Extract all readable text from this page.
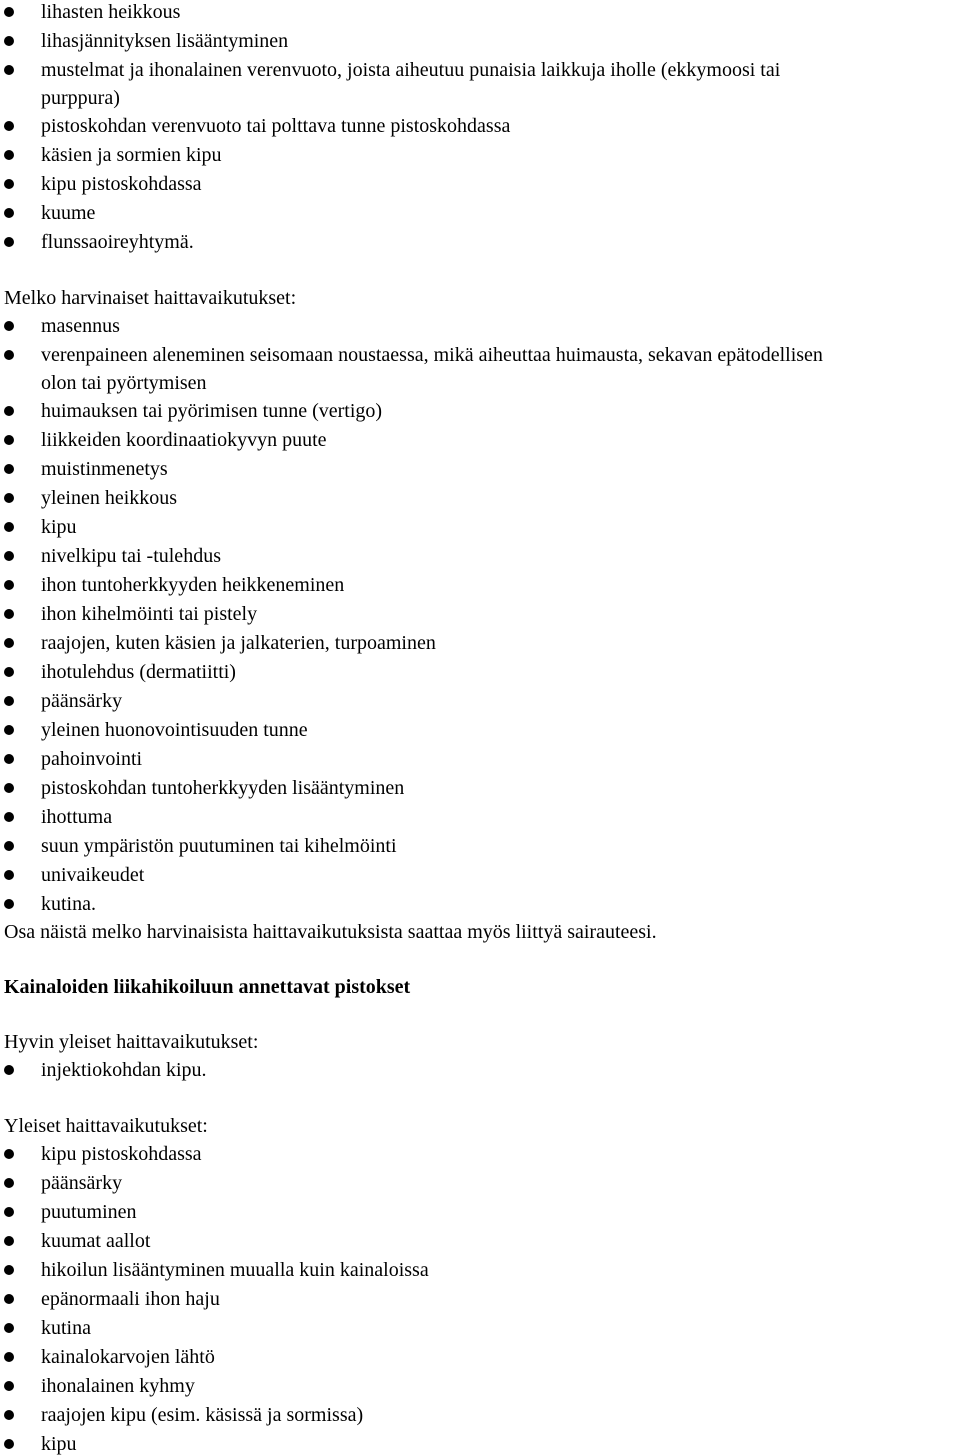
lihasten heikkous
lihasjännityksen lisääntyminen
mustelmat ja ihonalainen verenvuoto, joista aiheutuu punaisia laikkuja iholle (ekkymoosi tai
purppura)
pistoskohdan verenvuoto tai polttava tunne pistoskohdassa
käsien ja sormien kipu
kipu pistoskohdassa
kuume
flunssaoireyhtymä.
Melko harvinaiset haittavaikutukset:
masennus
verenpaineen aleneminen seisomaan noustaessa, mikä aiheuttaa huimausta, sekavan epätodellisen
olon tai pyörtymisen
huimauksen tai pyörimisen tunne (vertigo)
liikkeiden koordinaatiokyvyn puute
muistinmenetys
yleinen heikkous
kipu
nivelkipu tai -tulehdus
ihon tuntoherkkyyden heikkeneminen
ihon kihelmöinti tai pistely
raajojen, kuten käsien ja jalkaterien, turpoaminen
ihotulehdus (dermatiitti)
päänsärky
yleinen huonovointisuuden tunne
pahoinvointi
pistoskohdan tuntoherkkyyden lisääntyminen
ihottuma
suun ympäristön puutuminen tai kihelmöinti
univaikeudet
kutina.
Osa näistä melko harvinaisista haittavaikutuksista saattaa myös liittyä sairauteesi.
Kainaloiden liikahikoiluun annettavat pistokset
Hyvin yleiset haittavaikutukset:
injektiokohdan kipu.
Yleiset haittavaikutukset:
kipu pistoskohdassa
päänsärky
puutuminen
kuumat aallot
hikoilun lisääntyminen muualla kuin kainaloissa
epänormaali ihon haju
kutina
kainalokarvojen lähtö
ihonalainen kyhmy
raajojen kipu (esim. käsissä ja sormissa)
kipu
